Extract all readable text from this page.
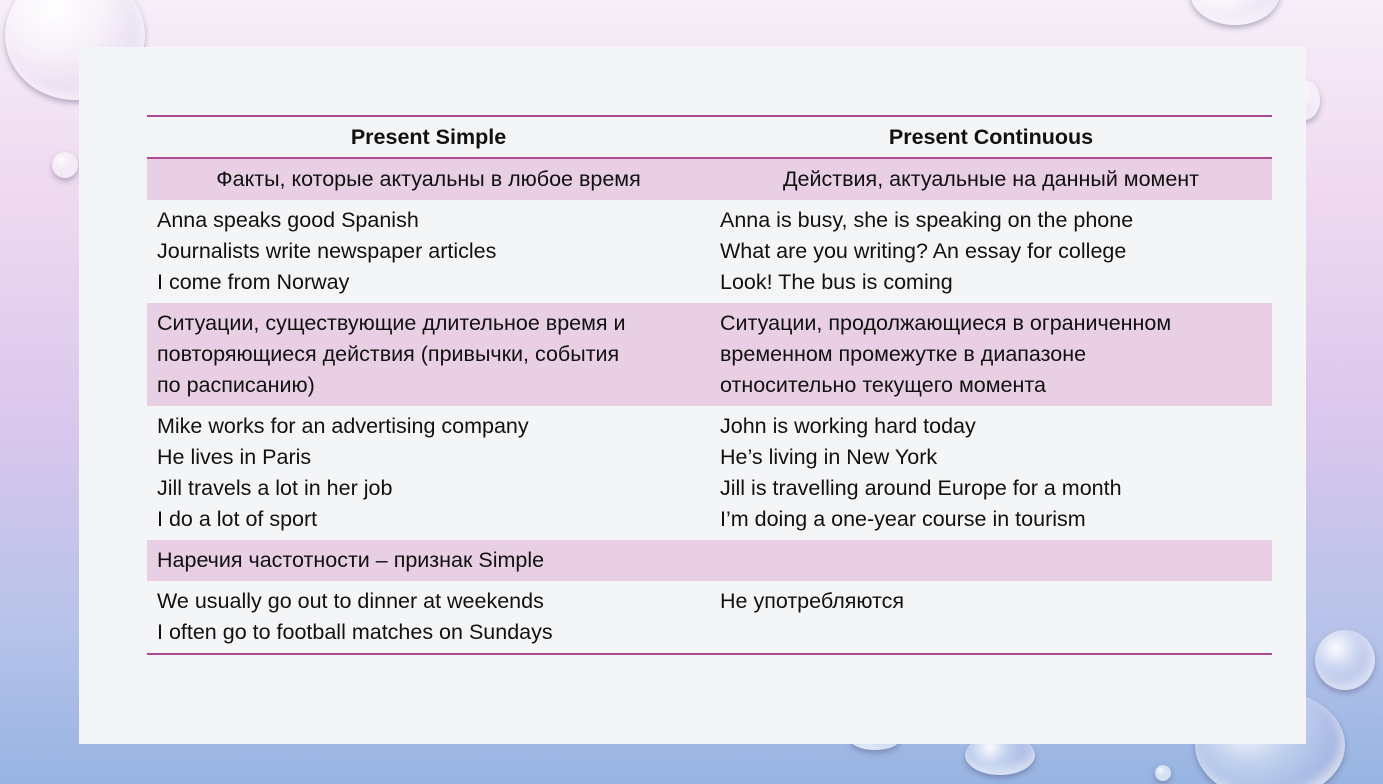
Present Simple	Present Continuous
Факты, которые актуальны в любое время	Действия, актуальные на данный момент
Anna speaks good Spanish
Journalists write newspaper articles
I come from Norway
Anna is busy, she is speaking on the phone
What are you writing? An essay for college
Look! The bus is coming
Ситуации, существующие длительное время и
повторяющиеся действия (привычки, события
по расписанию)
Ситуации, продолжающиеся в ограниченном
временном промежутке в диапазоне
относительно текущего момента
Mike works for an advertising company
He lives in Paris
Jill travels a lot in her job
I do a lot of sport
John is working hard today
He’s living in New York
Jill is travelling around Europe for a month
I’m doing a one-year course in tourism
Наречия частотности – признак Simple
We usually go out to dinner at weekends
I often go to football matches on Sundays
Не употребляются
